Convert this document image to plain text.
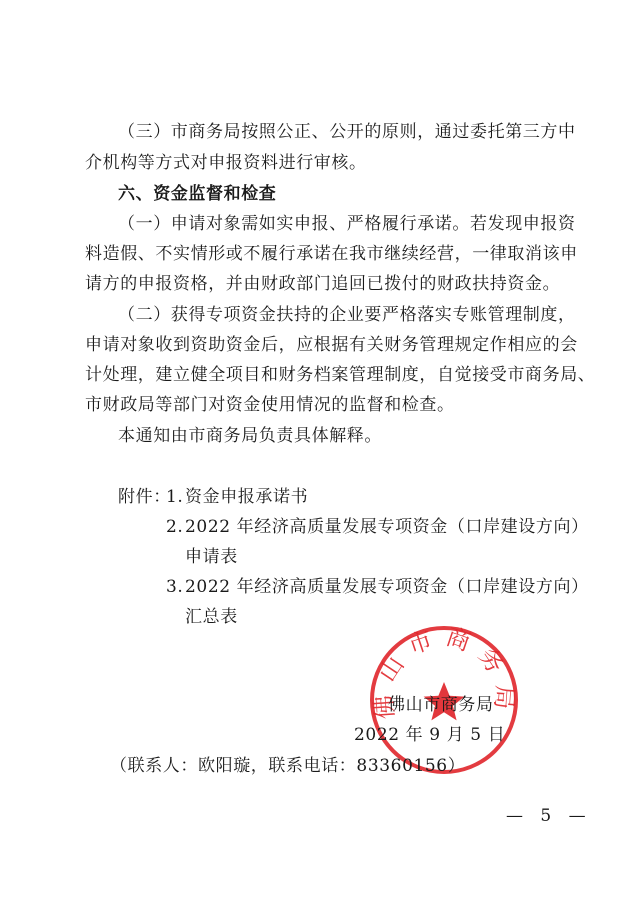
（三）市商务局按照公正、公开的原则，通过委托第三方中
介机构等方式对申报资料进行审核。
六、资金监督和检查
（一）申请对象需如实申报、严格履行承诺。若发现申报资
料造假、不实情形或不履行承诺在我市继续经营，一律取消该申
请方的申报资格，并由财政部门追回已拨付的财政扶持资金。
（二）获得专项资金扶持的企业要严格落实专账管理制度，
申请对象收到资助资金后，应根据有关财务管理规定作相应的会
计处理，建立健全项目和财务档案管理制度，自觉接受市商务局、
市财政局等部门对资金使用情况的监督和检查。
本通知由市商务局负责具体解释。
附件：
1. 资金申报承诺书
2. 2022 年经济高质量发展专项资金（口岸建设方向）
申请表
3. 2022 年经济高质量发展专项资金（口岸建设方向）
汇总表
佛山市商务局
佛山市商务局
2022 年 9 月 5 日
（联系人：欧阳璇，联系电话：83360156）
— 5 —
